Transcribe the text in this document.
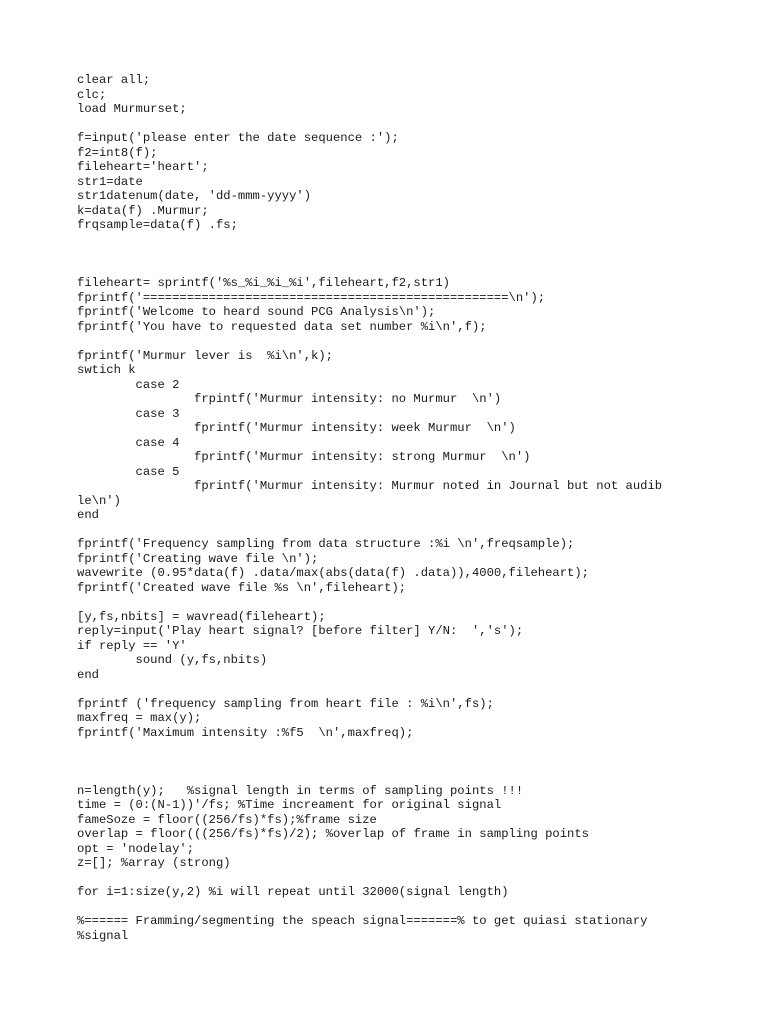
clear all;
clc;
load Murmurset;
f=input('please enter the date sequence :');
f2=int8(f);
fileheart='heart';
str1=date
str1datenum(date, 'dd-mmm-yyyy')
k=data(f) .Murmur;
frqsample=data(f) .fs;
fileheart= sprintf('%s_%i_%i_%i',fileheart,f2,str1)
fprintf('==================================================\n');
fprintf('Welcome to heard sound PCG Analysis\n');
fprintf('You have to requested data set number %i\n',f);
fprintf('Murmur lever is  %i\n',k);
swtich k
case 2
frpintf('Murmur intensity: no Murmur  \n')
case 3
fprintf('Murmur intensity: week Murmur  \n')
case 4
fprintf('Murmur intensity: strong Murmur  \n')
case 5
fprintf('Murmur intensity: Murmur noted in Journal but not audib
le\n')
end
fprintf('Frequency sampling from data structure :%i \n',freqsample);
fprintf('Creating wave file \n');
wavewrite (0.95*data(f) .data/max(abs(data(f) .data)),4000,fileheart);
fprintf('Created wave file %s \n',fileheart);
[y,fs,nbits] = wavread(fileheart);
reply=input('Play heart signal? [before filter] Y/N:  ','s');
if reply == 'Y'
sound (y,fs,nbits)
end
fprintf ('frequency sampling from heart file : %i\n',fs);
maxfreq = max(y);
fprintf('Maximum intensity :%f5  \n',maxfreq);
n=length(y);   %signal length in terms of sampling points !!!
time = (0:(N-1))'/fs; %Time increament for original signal
fameSoze = floor((256/fs)*fs);%frame size
overlap = floor(((256/fs)*fs)/2); %overlap of frame in sampling points
opt = 'nodelay';
z=[]; %array (strong)
for i=1:size(y,2) %i will repeat until 32000(signal length)
%====== Framming/segmenting the speach signal=======% to get quiasi stationary
%signal
